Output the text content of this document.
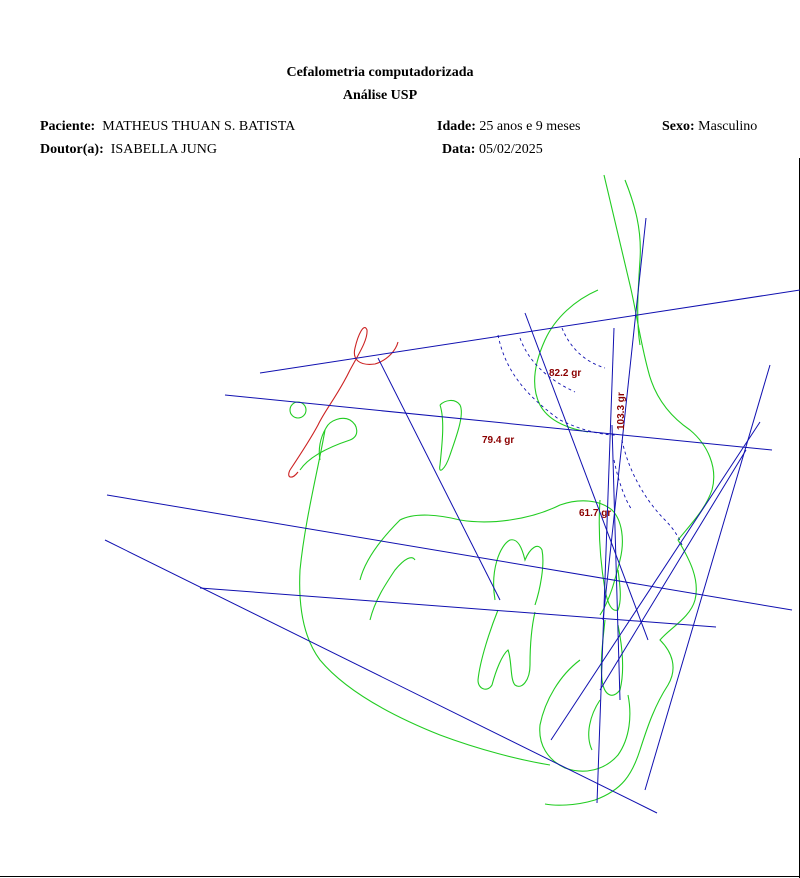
Cefalometria computadorizada
Análise USP
Paciente: MATHEUS THUAN S. BATISTA	Idade: 25 anos e 9 meses	Sexo: Masculino
Doutor(a): ISABELLA JUNG	Data: 05/02/2025
82.2 gr
79.4 gr
103.3 gr
61.7 gr
